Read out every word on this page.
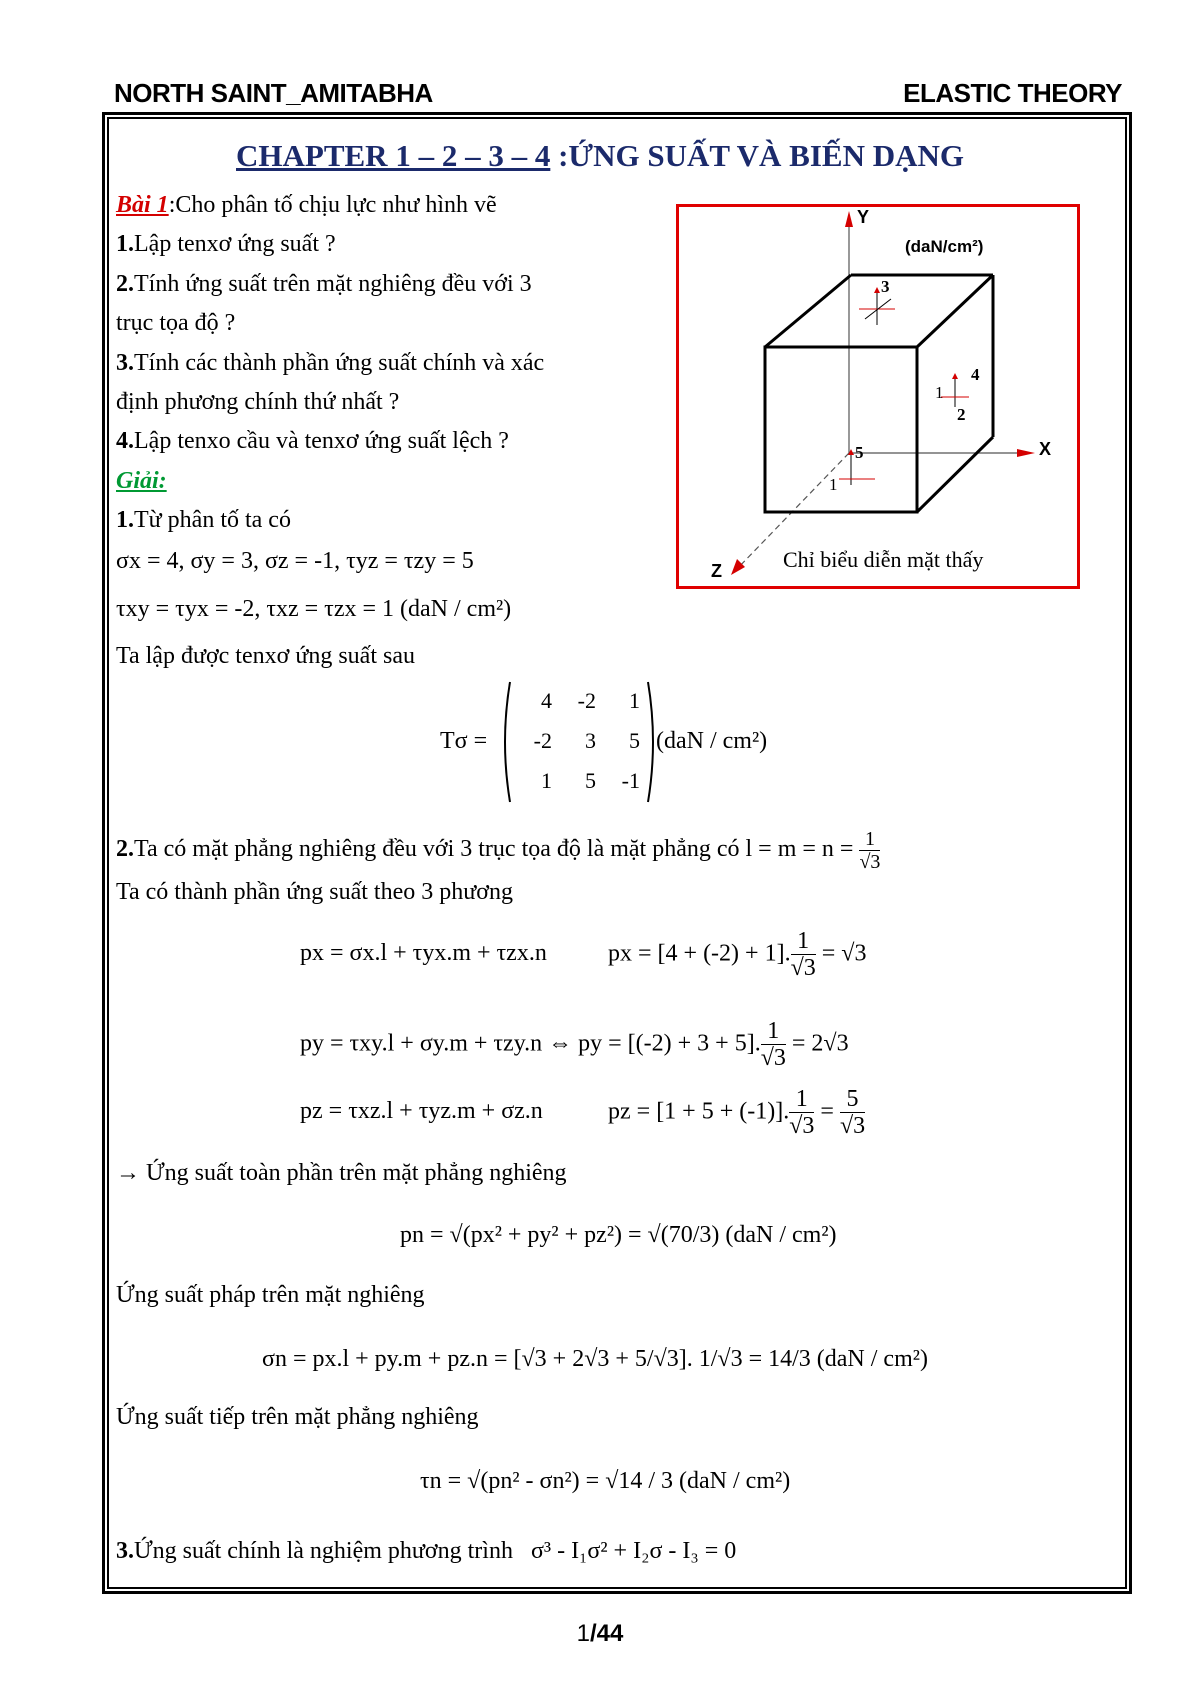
NORTH SAINT_AMITABHA	ELASTIC THEORY
CHAPTER 1 – 2 – 3 – 4 :ỨNG SUẤT VÀ BIẾN DẠNG
Bài 1:Cho phân tố chịu lực như hình vẽ
1.Lập tenxơ ứng suất ?
2.Tính ứng suất trên mặt nghiêng đều với 3
trục tọa độ ?
3.Tính các thành phần ứng suất chính và xác
định phương chính thứ nhất ?
4.Lập tenxo cầu và tenxơ ứng suất lệch ?
Giải:
1.Từ phân tố ta có
σx = 4, σy = 3, σz = -1, τyz = τzy = 5
τxy = τyx = -2, τxz = τzx = 1 (daN / cm²)
Ta lập được tenxơ ứng suất sau
Tσ =
4	-2	1
-2	3	5
1	5	-1
(daN / cm²)
2.Ta có mặt phẳng nghiêng đều với 3 trục tọa độ là mặt phẳng có $l = m = n = \frac{1}{√3}$
Ta có thành phần ứng suất theo 3 phương
px = σx.l + τyx.m + τzx.n	px = [4 + (-2) + 1]. $\frac{1}{√3} = √3$
py = τxy.l + σy.m + τzy.n ⇔ py = [(-2) + 3 + 5]. $\frac{1}{√3} = 2√3$
pz = τxz.l + τyz.m + σz.n	pz = [1 + 5 + (-1)]. $\frac{1}{√3} = \frac{5}{√3}$
→ Ứng suất toàn phần trên mặt phẳng nghiêng
pn = √(px² + py² + pz²) = √(70/3) (daN / cm²)
Ứng suất pháp trên mặt nghiêng
σn = px.l + py.m + pz.n = [√3 + 2√3 + 5/√3]. 1/√3 = 14/3 (daN / cm²)
Ứng suất tiếp trên mặt phẳng nghiêng
τn = √(pn² - σn²) = √14 / 3 (daN / cm²)
3.Ứng suất chính là nghiệm phương trình σ³ - I₁σ² + I₂σ - I₃ = 0
Y
X
Z
(daN/cm²)
3
4
1
2
5
1
Chỉ biểu diễn mặt thấy
1/44
